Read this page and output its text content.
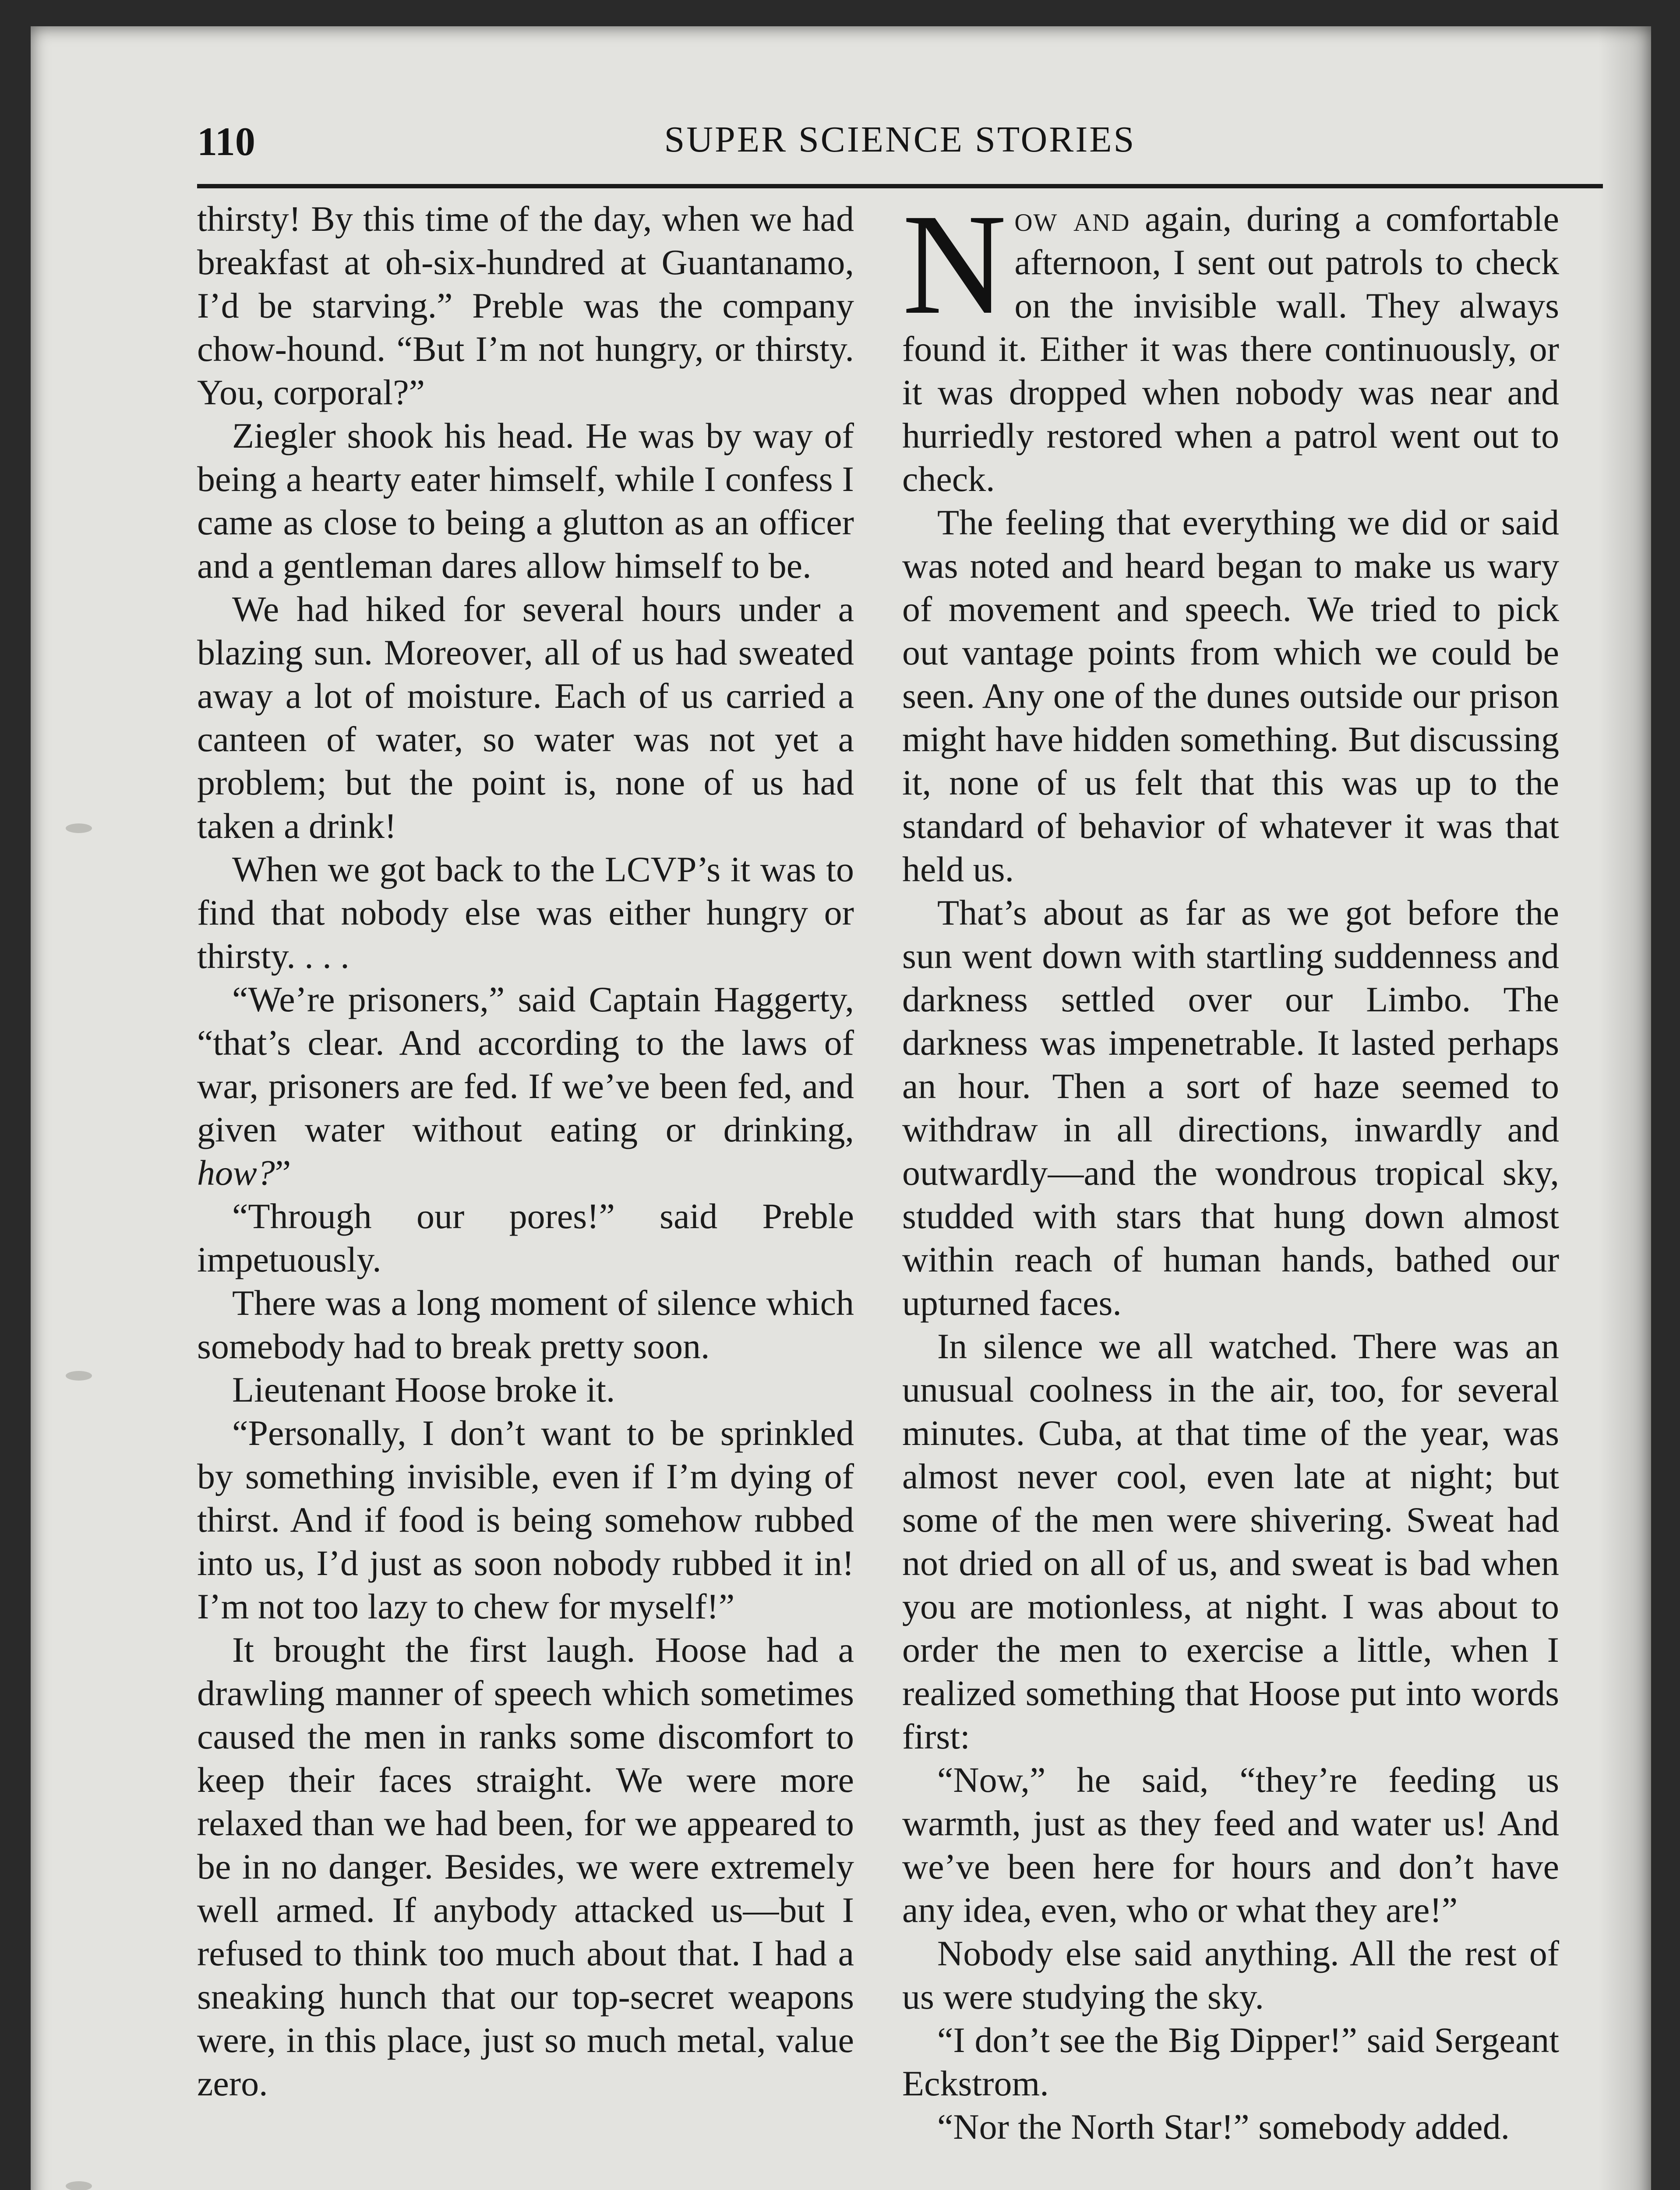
110	SUPER SCIENCE STORIES

thirsty! By this time of the day, when we had breakfast at oh-six-hundred at Guantanamo, I’d be starving.” Preble was the company chow-hound. “But I’m not hungry, or thirsty. You, corporal?”

Ziegler shook his head. He was by way of being a hearty eater himself, while I confess I came as close to being a glutton as an officer and a gentleman dares allow himself to be.

We had hiked for several hours under a blazing sun. Moreover, all of us had sweated away a lot of moisture. Each of us carried a canteen of water, so water was not yet a problem; but the point is, none of us had taken a drink!

When we got back to the LCVP’s it was to find that nobody else was either hungry or thirsty. . . .

“We’re prisoners,” said Captain Haggerty, “that’s clear. And according to the laws of war, prisoners are fed. If we’ve been fed, and given water without eating or drinking, how?”

“Through our pores!” said Preble impetuously.

There was a long moment of silence which somebody had to break pretty soon.

Lieutenant Hoose broke it.

“Personally, I don’t want to be sprinkled by something invisible, even if I’m dying of thirst. And if food is being somehow rubbed into us, I’d just as soon nobody rubbed it in! I’m not too lazy to chew for myself!”

It brought the first laugh. Hoose had a drawling manner of speech which sometimes caused the men in ranks some discomfort to keep their faces straight. We were more relaxed than we had been, for we appeared to be in no danger. Besides, we were extremely well armed. If anybody attacked us—but I refused to think too much about that. I had a sneaking hunch that our top-secret weapons were, in this place, just so much metal, value zero.

Now and again, during a comfortable afternoon, I sent out patrols to check on the invisible wall. They always found it. Either it was there continuously, or it was dropped when nobody was near and hurriedly restored when a patrol went out to check.

The feeling that everything we did or said was noted and heard began to make us wary of movement and speech. We tried to pick out vantage points from which we could be seen. Any one of the dunes outside our prison might have hidden something. But discussing it, none of us felt that this was up to the standard of behavior of whatever it was that held us.

That’s about as far as we got before the sun went down with startling suddenness and darkness settled over our Limbo. The darkness was impenetrable. It lasted perhaps an hour. Then a sort of haze seemed to withdraw in all directions, inwardly and outwardly—and the wondrous tropical sky, studded with stars that hung down almost within reach of human hands, bathed our upturned faces.

In silence we all watched. There was an unusual coolness in the air, too, for several minutes. Cuba, at that time of the year, was almost never cool, even late at night; but some of the men were shivering. Sweat had not dried on all of us, and sweat is bad when you are motionless, at night. I was about to order the men to exercise a little, when I realized something that Hoose put into words first:

“Now,” he said, “they’re feeding us warmth, just as they feed and water us! And we’ve been here for hours and don’t have any idea, even, who or what they are!”

Nobody else said anything. All the rest of us were studying the sky.

“I don’t see the Big Dipper!” said Sergeant Eckstrom.

“Nor the North Star!” somebody added.
